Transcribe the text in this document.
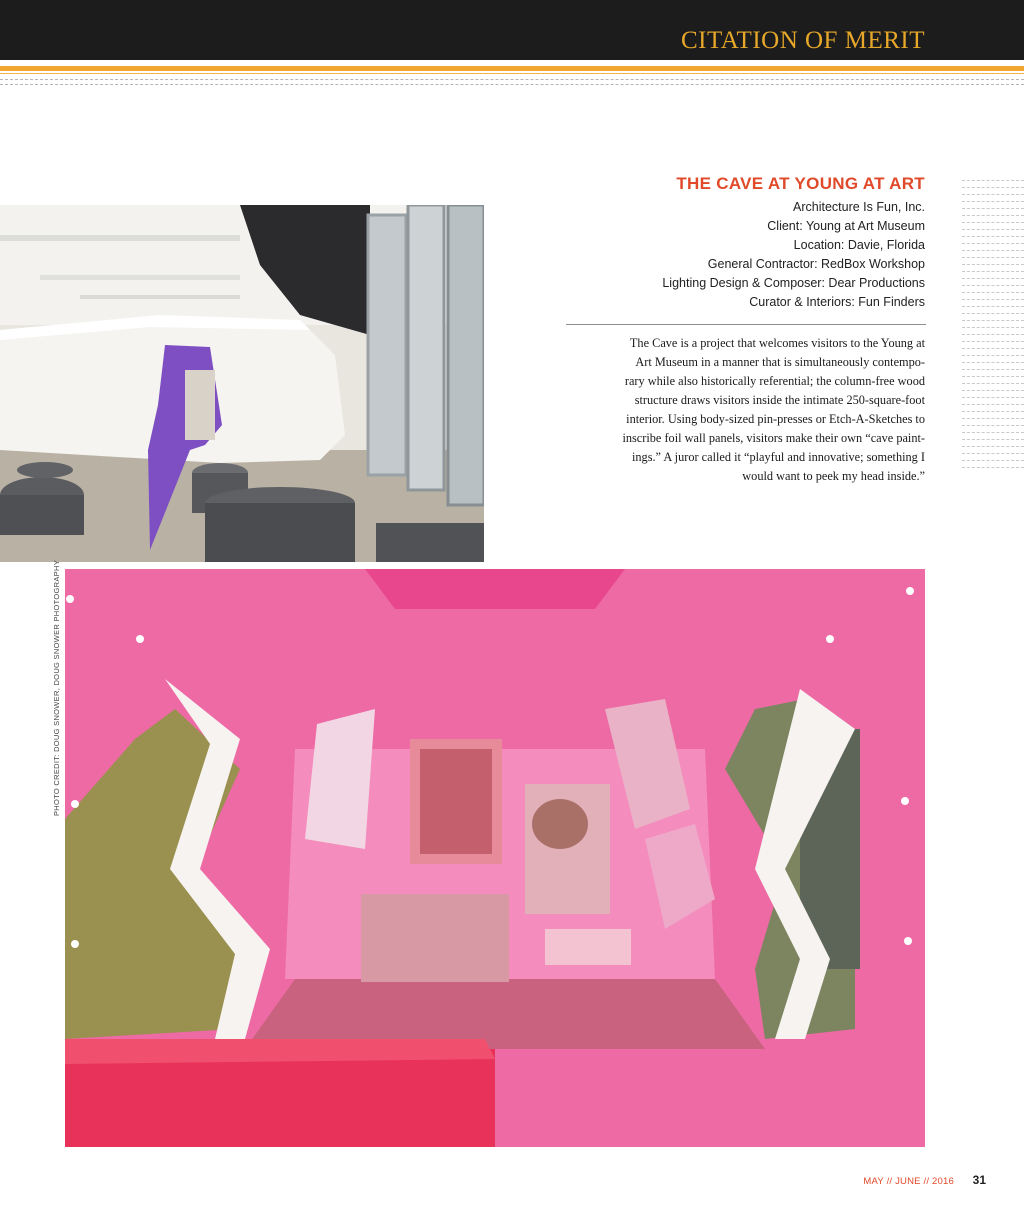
CITATION OF MERIT
THE CAVE AT YOUNG AT ART
Architecture Is Fun, Inc.
Client: Young at Art Museum
Location: Davie, Florida
General Contractor: RedBox Workshop
Lighting Design & Composer: Dear Productions
Curator & Interiors: Fun Finders
The Cave is a project that welcomes visitors to the Young at
Art Museum in a manner that is simultaneously contempo-
rary while also historically referential; the column-free wood
structure draws visitors inside the intimate 250-square-foot
interior. Using body-sized pin-presses or Etch-A-Sketches to
inscribe foil wall panels, visitors make their own “cave paint-
ings.” A juror called it “playful and innovative; something I
would want to peek my head inside.”
PHOTO CREDIT: DOUG SNOWER, DOUG SNOWER PHOTOGRAPHY
MAY // JUNE // 2016 31
